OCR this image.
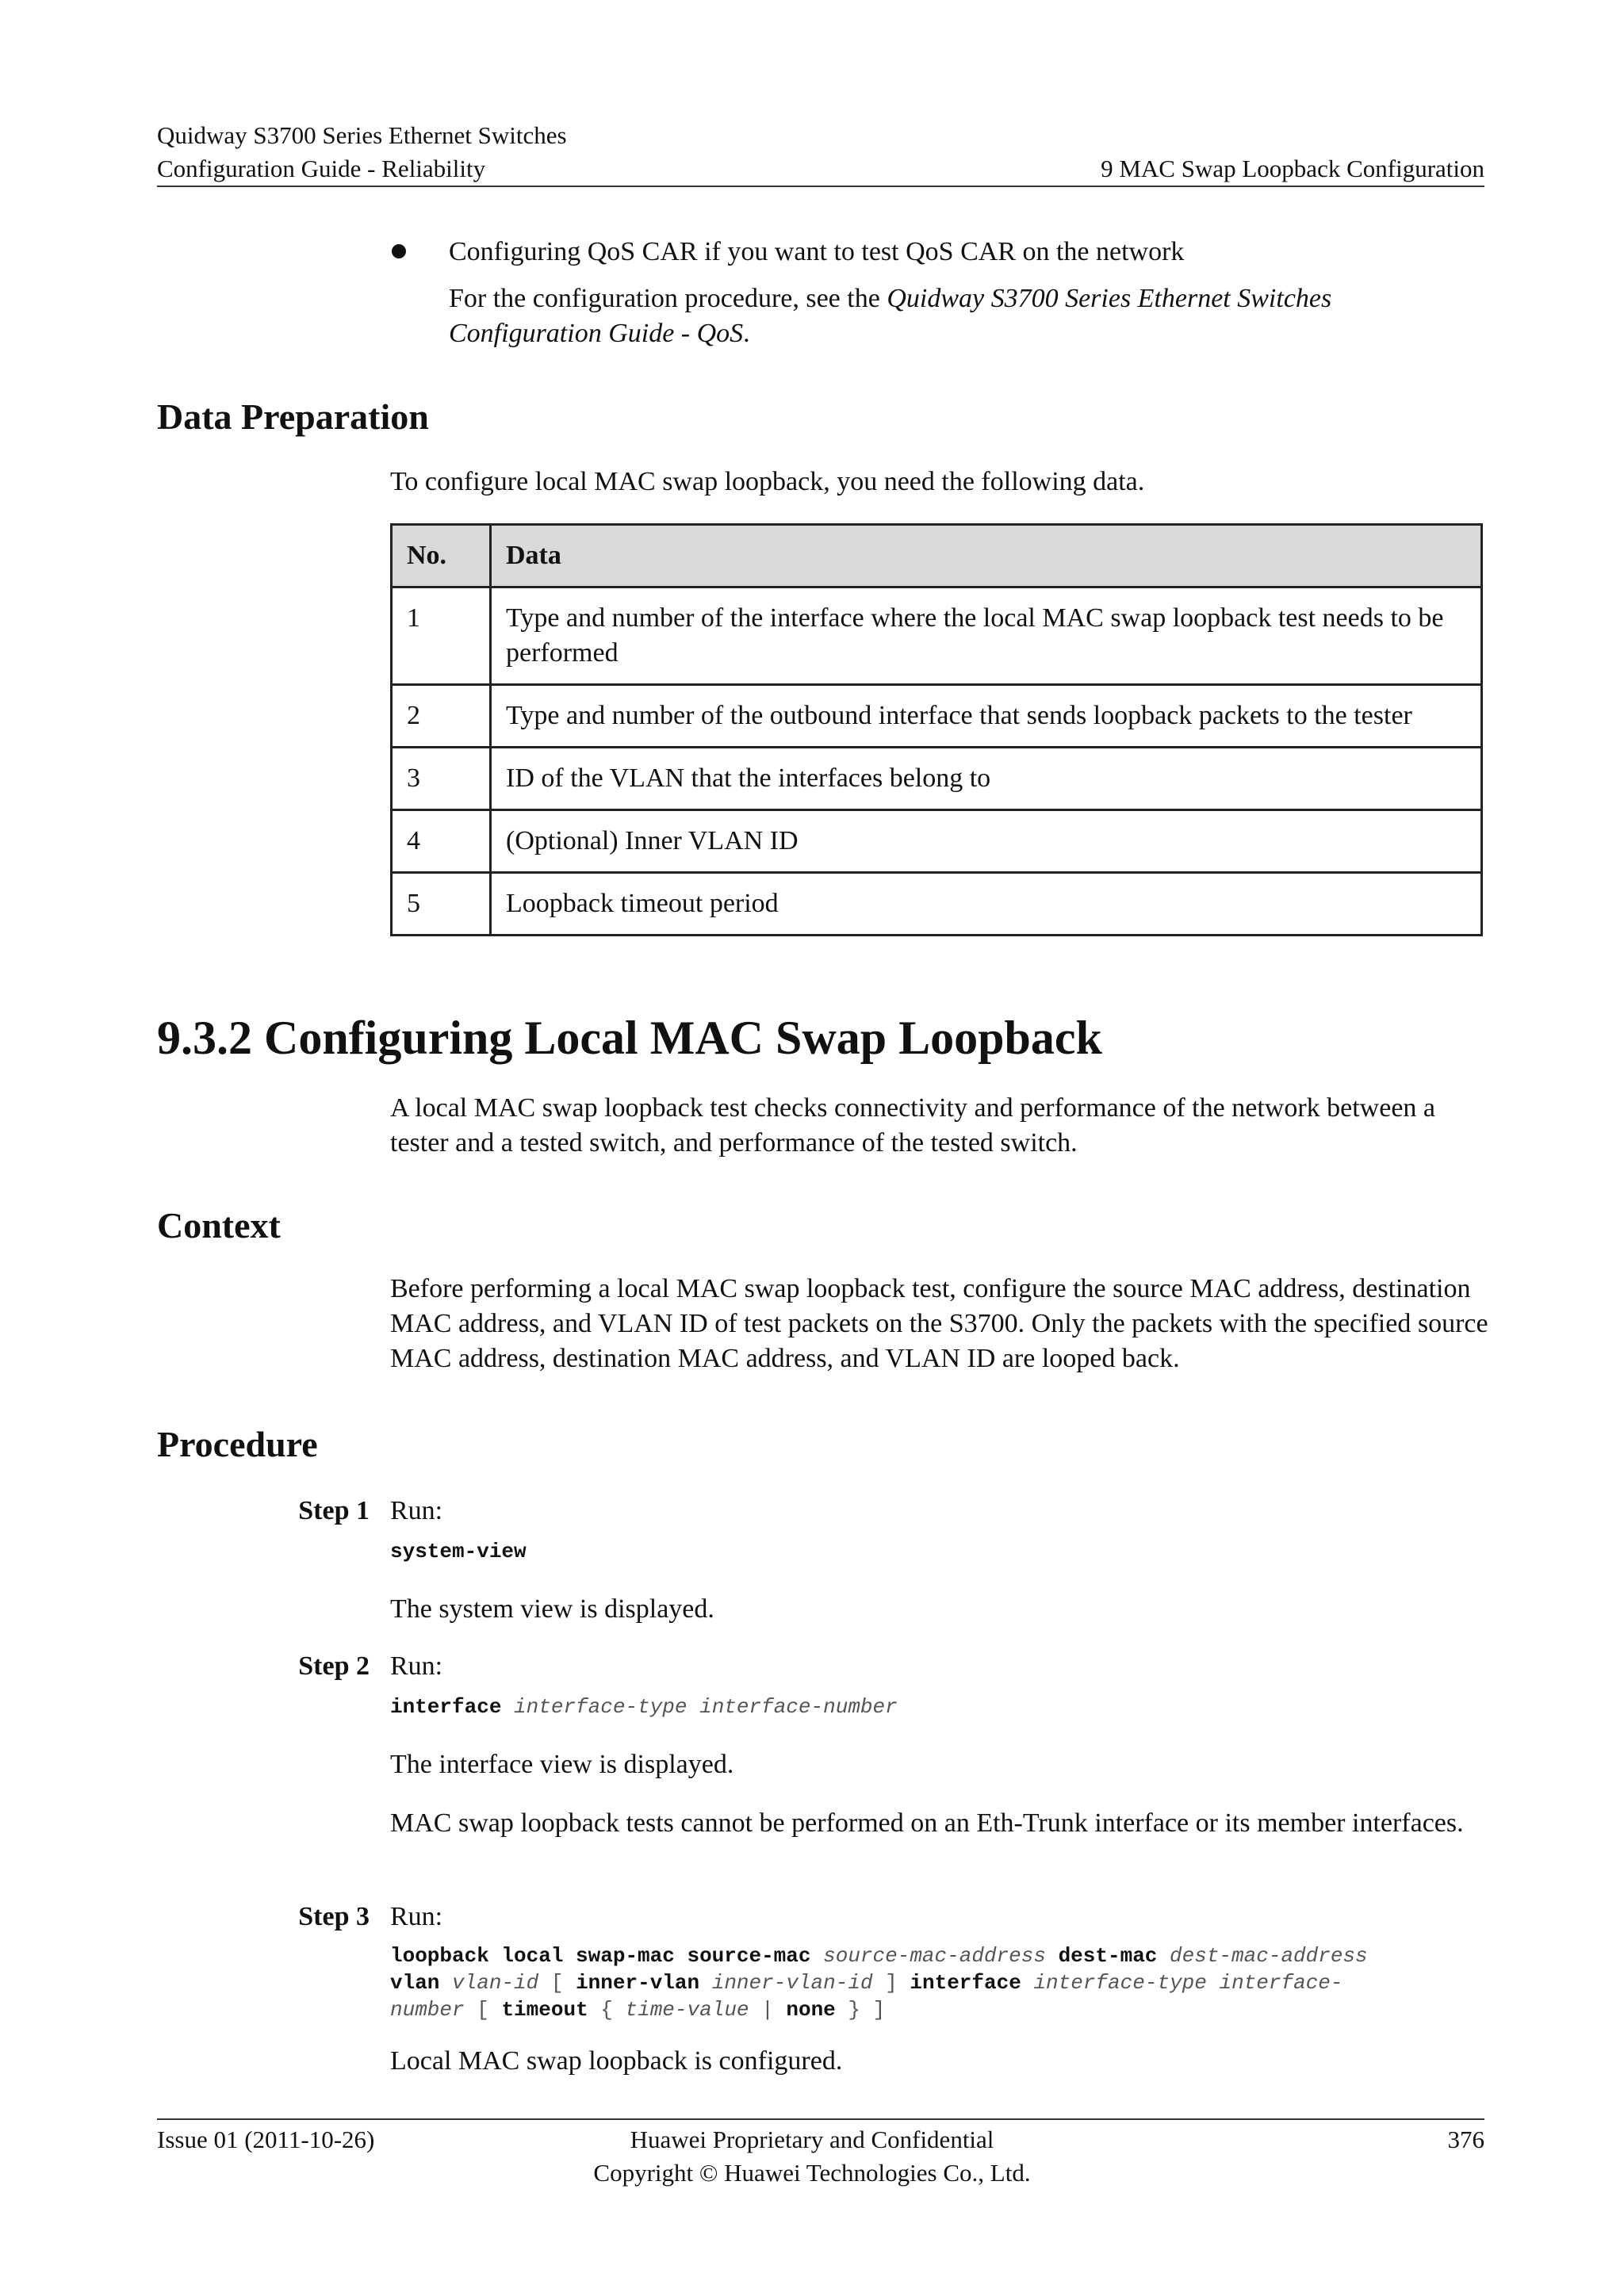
Quidway S3700 Series Ethernet Switches
Configuration Guide - Reliability	9 MAC Swap Loopback Configuration
Configuring QoS CAR if you want to test QoS CAR on the network
For the configuration procedure, see the Quidway S3700 Series Ethernet Switches Configuration Guide - QoS.
Data Preparation
To configure local MAC swap loopback, you need the following data.
No.	Data
1	Type and number of the interface where the local MAC swap loopback test needs to be performed
2	Type and number of the outbound interface that sends loopback packets to the tester
3	ID of the VLAN that the interfaces belong to
4	(Optional) Inner VLAN ID
5	Loopback timeout period
9.3.2 Configuring Local MAC Swap Loopback
A local MAC swap loopback test checks connectivity and performance of the network between a tester and a tested switch, and performance of the tested switch.
Context
Before performing a local MAC swap loopback test, configure the source MAC address, destination MAC address, and VLAN ID of test packets on the S3700. Only the packets with the specified source MAC address, destination MAC address, and VLAN ID are looped back.
Procedure
Step 1 Run:
system-view
The system view is displayed.
Step 2 Run:
interface interface-type interface-number
The interface view is displayed.
MAC swap loopback tests cannot be performed on an Eth-Trunk interface or its member interfaces.
Step 3 Run:
loopback local swap-mac source-mac source-mac-address dest-mac dest-mac-address
vlan vlan-id [ inner-vlan inner-vlan-id ] interface interface-type interface-
number [ timeout { time-value | none } ]
Local MAC swap loopback is configured.
Issue 01 (2011-10-26)	Huawei Proprietary and Confidential
Copyright © Huawei Technologies Co., Ltd.
376
